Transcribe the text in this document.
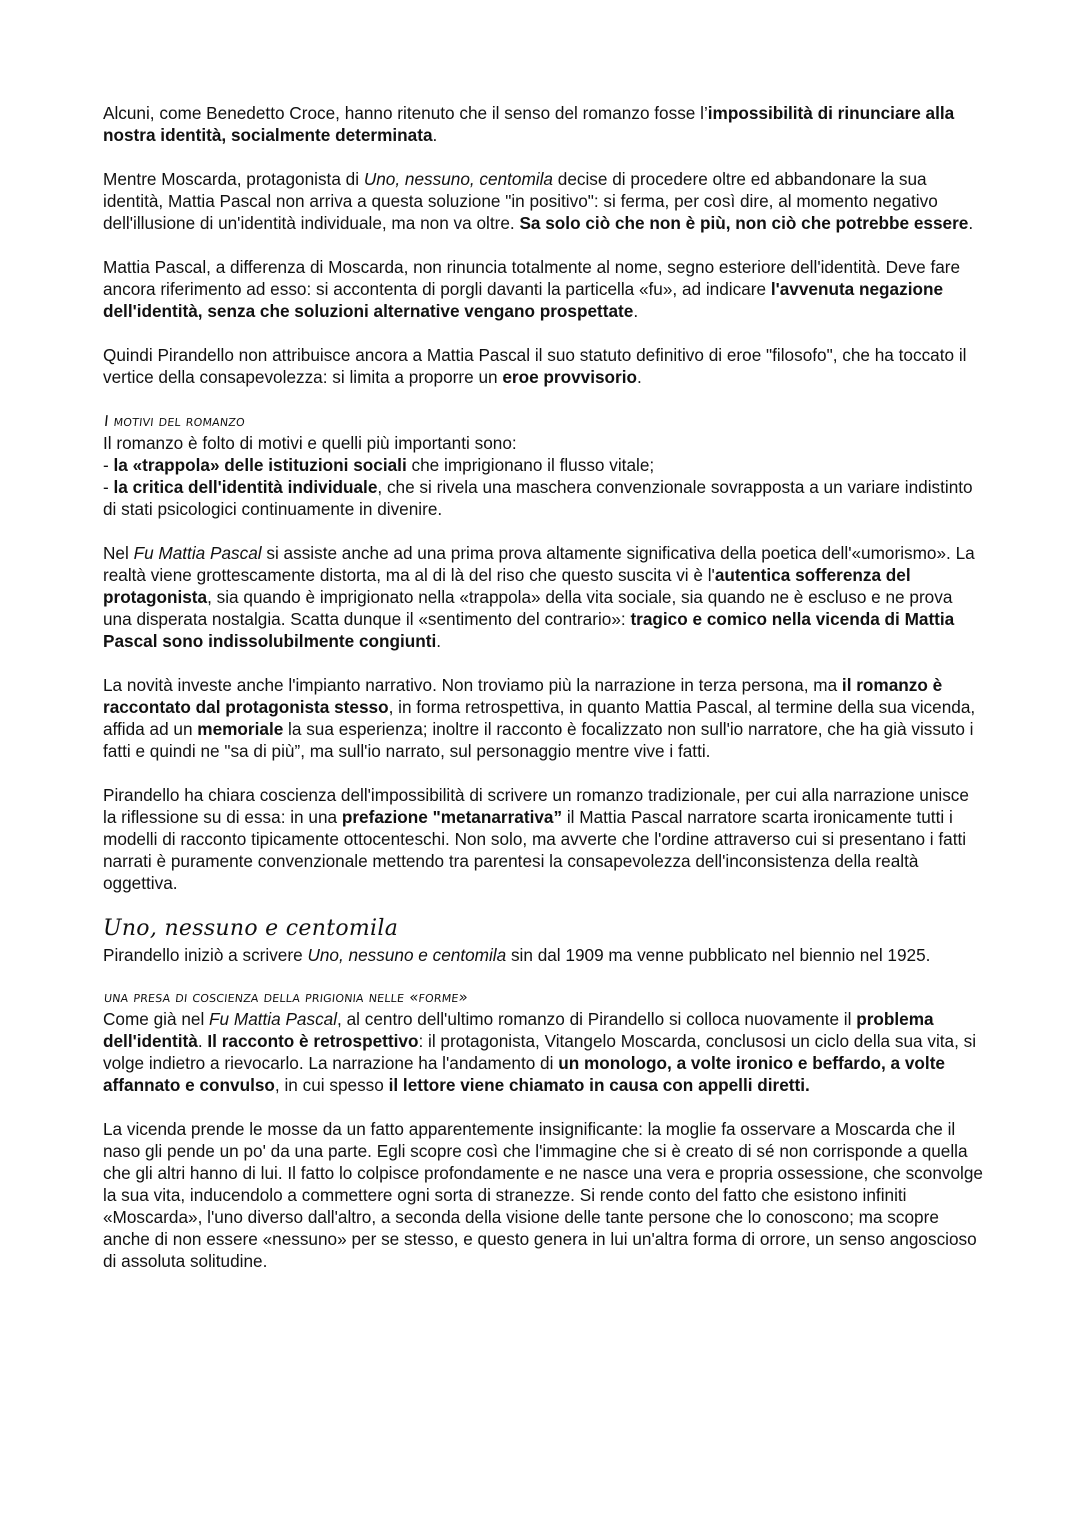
Alcuni, come Benedetto Croce, hanno ritenuto che il senso del romanzo fosse l’impossibilità di rinunciare alla nostra identità, socialmente determinata.

Mentre Moscarda, protagonista di Uno, nessuno, centomila decise di procedere oltre ed abbandonare la sua identità, Mattia Pascal non arriva a questa soluzione "in positivo": si ferma, per così dire, al momento negativo dell'illusione di un'identità individuale, ma non va oltre. Sa solo ciò che non è più, non ciò che potrebbe essere.

Mattia Pascal, a differenza di Moscarda, non rinuncia totalmente al nome, segno esteriore dell'identità. Deve fare ancora riferimento ad esso: si accontenta di porgli davanti la particella «fu», ad indicare l'avvenuta negazione dell'identità, senza che soluzioni alternative vengano prospettate.

Quindi Pirandello non attribuisce ancora a Mattia Pascal il suo statuto definitivo di eroe "filosofo", che ha toccato il vertice della consapevolezza: si limita a proporre un eroe provvisorio.

I motivi del romanzo

Il romanzo è folto di motivi e quelli più importanti sono:
- la «trappola» delle istituzioni sociali che imprigionano il flusso vitale;
- la critica dell'identità individuale, che si rivela una maschera convenzionale sovrapposta a un variare indistinto di stati psicologici continuamente in divenire.

Nel Fu Mattia Pascal si assiste anche ad una prima prova altamente significativa della poetica dell'«umorismo». La realtà viene grottescamente distorta, ma al di là del riso che questo suscita vi è l'autentica sofferenza del protagonista, sia quando è imprigionato nella «trappola» della vita sociale, sia quando ne è escluso e ne prova una disperata nostalgia. Scatta dunque il «sentimento del contrario»: tragico e comico nella vicenda di Mattia Pascal sono indissolubilmente congiunti.

La novità investe anche l'impianto narrativo. Non troviamo più la narrazione in terza persona, ma il romanzo è raccontato dal protagonista stesso, in forma retrospettiva, in quanto Mattia Pascal, al termine della sua vicenda, affida ad un memoriale la sua esperienza; inoltre il racconto è focalizzato non sull'io narratore, che ha già vissuto i fatti e quindi ne "sa di più”, ma sull'io narrato, sul personaggio mentre vive i fatti.

Pirandello ha chiara coscienza dell'impossibilità di scrivere un romanzo tradizionale, per cui alla narrazione unisce la riflessione su di essa: in una prefazione "metanarrativa” il Mattia Pascal narratore scarta ironicamente tutti i modelli di racconto tipicamente ottocenteschi. Non solo, ma avverte che l'ordine attraverso cui si presentano i fatti narrati è puramente convenzionale mettendo tra parentesi la consapevolezza dell'inconsistenza della realtà oggettiva.

Uno, nessuno e centomila

Pirandello iniziò a scrivere Uno, nessuno e centomila sin dal 1909 ma venne pubblicato nel biennio nel 1925.

una presa di coscienza della prigionia nelle «forme»

Come già nel Fu Mattia Pascal, al centro dell'ultimo romanzo di Pirandello si colloca nuovamente il problema dell'identità. Il racconto è retrospettivo: il protagonista, Vitangelo Moscarda, conclusosi un ciclo della sua vita, si volge indietro a rievocarlo. La narrazione ha l'andamento di un monologo, a volte ironico e beffardo, a volte affannato e convulso, in cui spesso il lettore viene chiamato in causa con appelli diretti.

La vicenda prende le mosse da un fatto apparentemente insignificante: la moglie fa osservare a Moscarda che il naso gli pende un po' da una parte. Egli scopre così che l'immagine che si è creato di sé non corrisponde a quella che gli altri hanno di lui. Il fatto lo colpisce profondamente e ne nasce una vera e propria ossessione, che sconvolge la sua vita, inducendolo a commettere ogni sorta di stranezze. Si rende conto del fatto che esistono infiniti «Moscarda», l'uno diverso dall'altro, a seconda della visione delle tante persone che lo conoscono; ma scopre anche di non essere «nessuno» per se stesso, e questo genera in lui un'altra forma di orrore, un senso angoscioso di assoluta solitudine.
